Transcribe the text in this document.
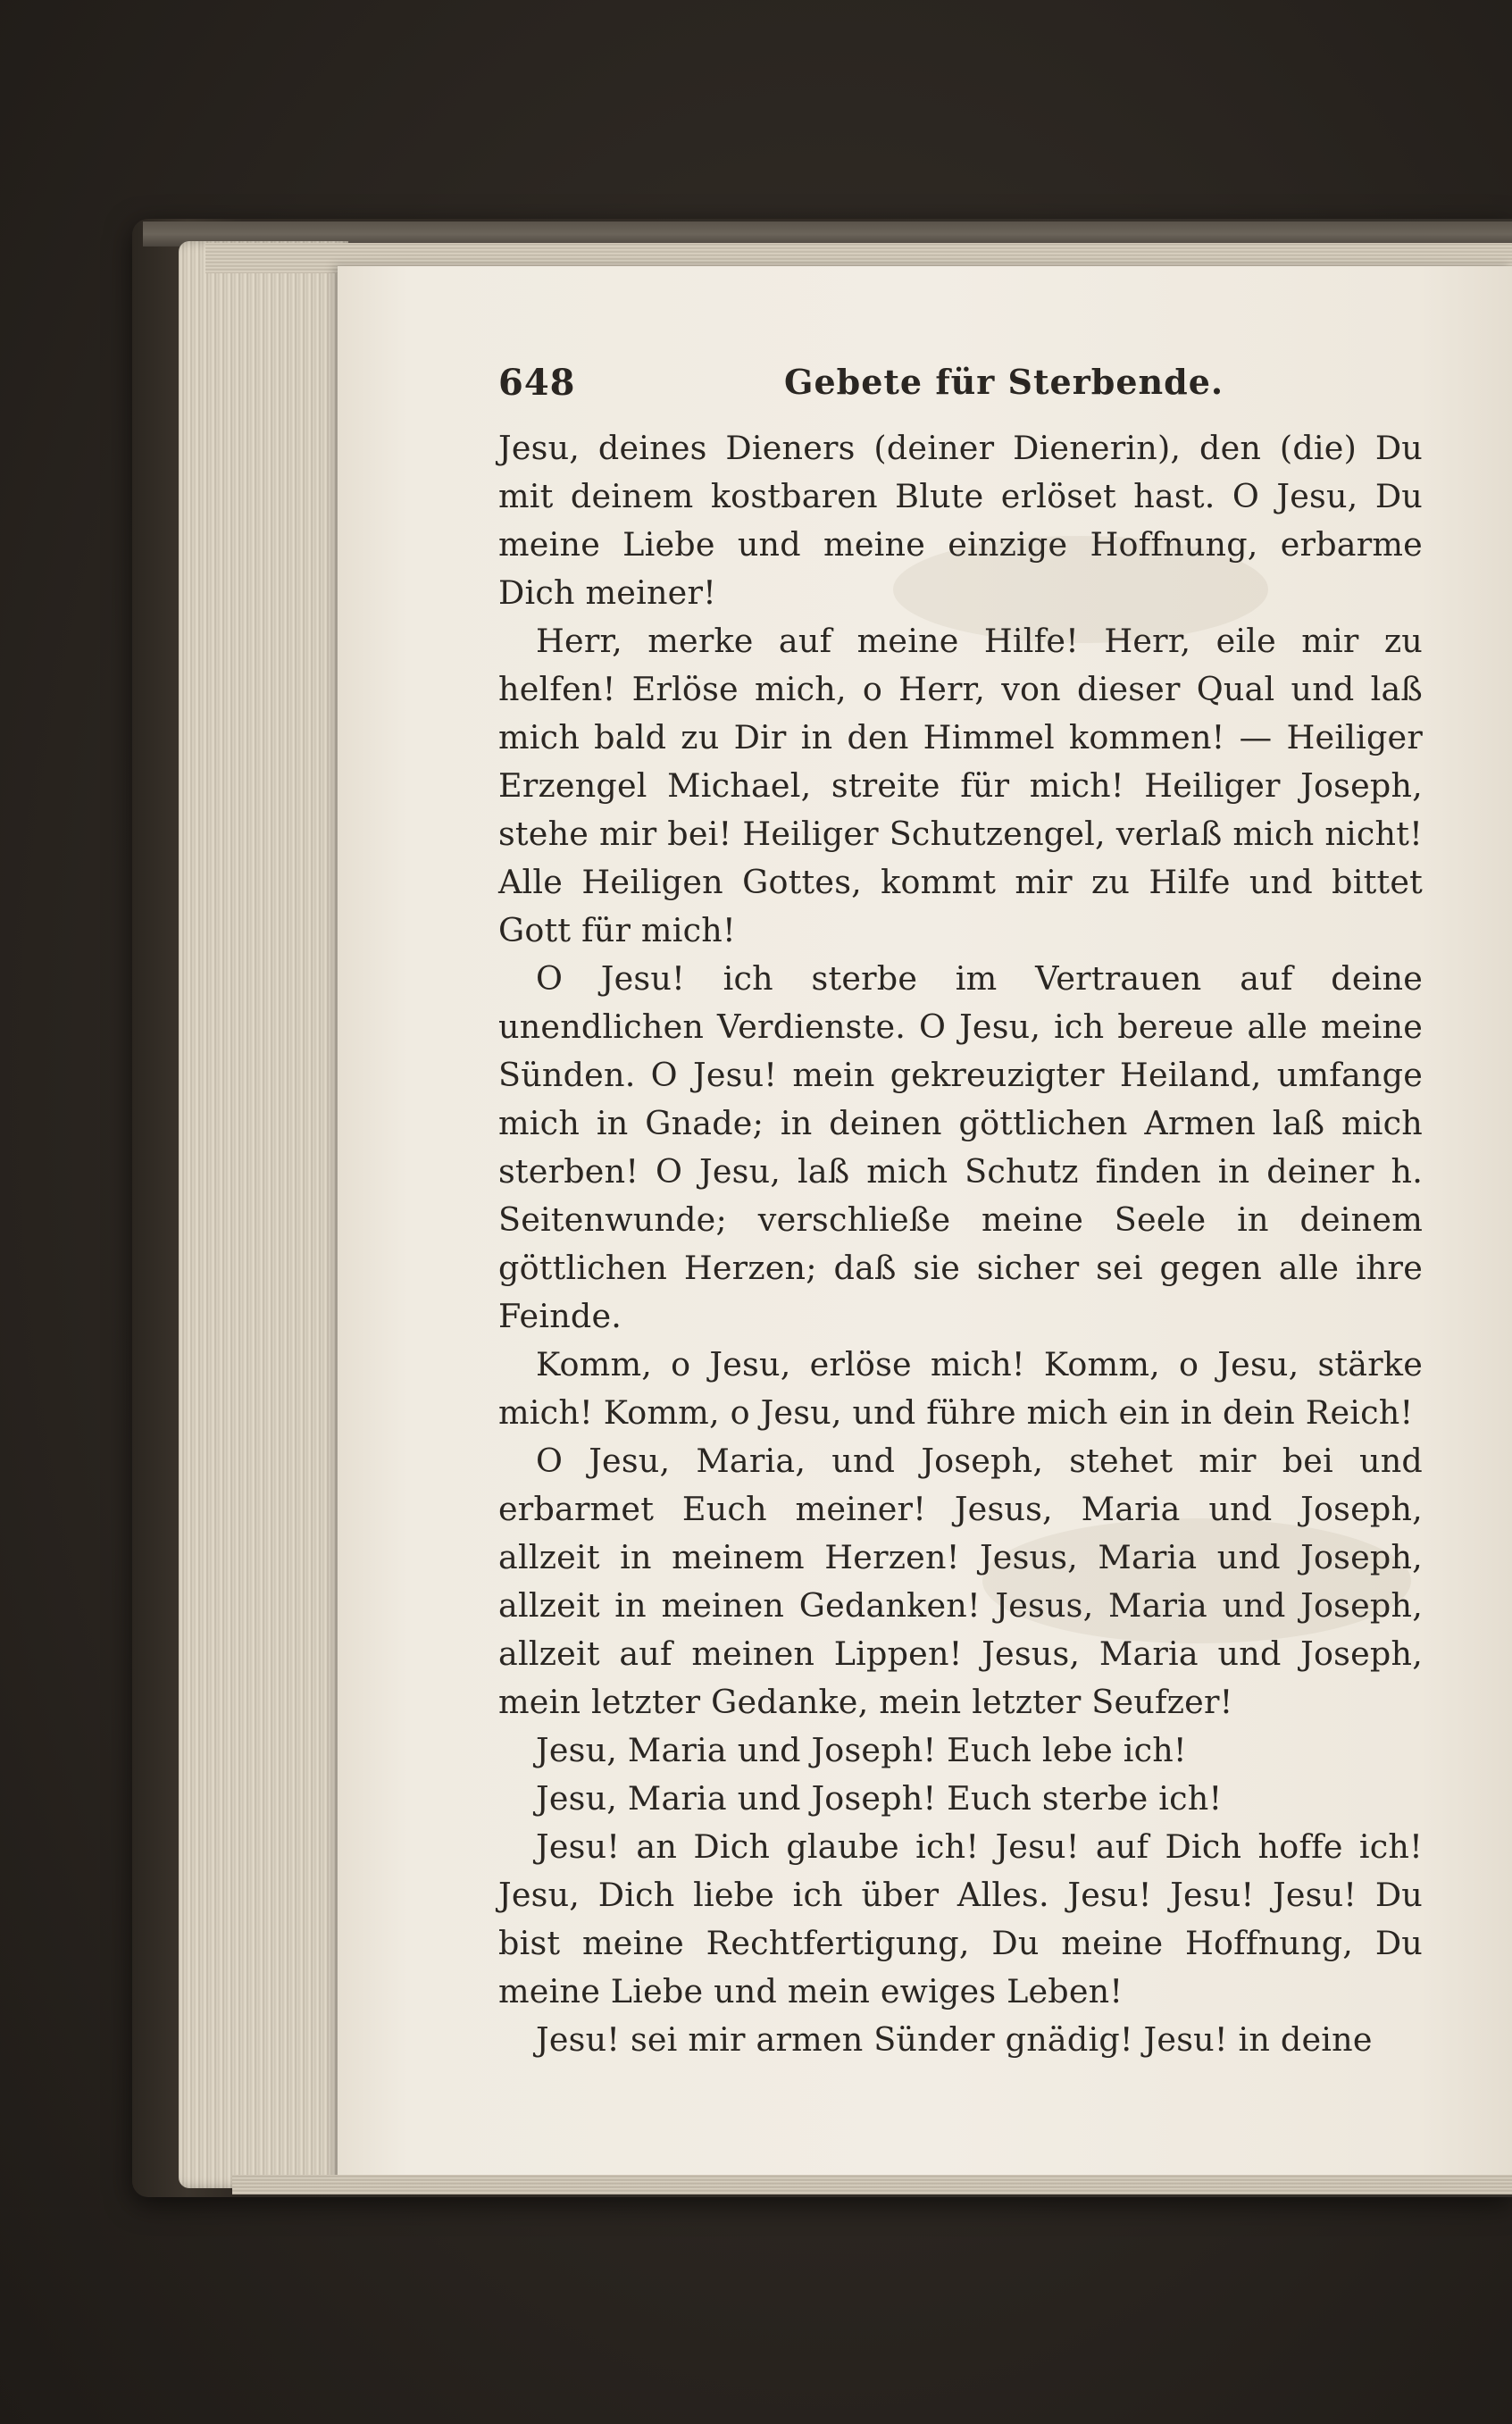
648	Gebete für Sterbende.

Jesu, deines Dieners (deiner Dienerin), den (die) Du mit deinem kostbaren Blute erlöset hast. O Jesu, Du meine Liebe und meine einzige Hoffnung, erbarme Dich meiner!

Herr, merke auf meine Hilfe! Herr, eile mir zu helfen! Erlöse mich, o Herr, von dieser Qual und laß mich bald zu Dir in den Himmel kommen! — Heiliger Erzengel Michael, streite für mich! Heiliger Joseph, stehe mir bei! Heiliger Schutzengel, verlaß mich nicht! Alle Heiligen Gottes, kommt mir zu Hilfe und bittet Gott für mich!

O Jesu! ich sterbe im Vertrauen auf deine unendlichen Verdienste. O Jesu, ich bereue alle meine Sünden. O Jesu! mein gekreuzigter Heiland, umfange mich in Gnade; in deinen göttlichen Armen laß mich sterben! O Jesu, laß mich Schutz finden in deiner h. Seitenwunde; verschließe meine Seele in deinem göttlichen Herzen; daß sie sicher sei gegen alle ihre Feinde.

Komm, o Jesu, erlöse mich! Komm, o Jesu, stärke mich! Komm, o Jesu, und führe mich ein in dein Reich!

O Jesu, Maria, und Joseph, stehet mir bei und erbarmet Euch meiner! Jesus, Maria und Joseph, allzeit in meinem Herzen! Jesus, Maria und Joseph, allzeit in meinen Gedanken! Jesus, Maria und Joseph, allzeit auf meinen Lippen! Jesus, Maria und Joseph, mein letzter Gedanke, mein letzter Seufzer!

Jesu, Maria und Joseph! Euch lebe ich!

Jesu, Maria und Joseph! Euch sterbe ich!

Jesu! an Dich glaube ich! Jesu! auf Dich hoffe ich! Jesu, Dich liebe ich über Alles. Jesu! Jesu! Jesu! Du bist meine Rechtfertigung, Du meine Hoffnung, Du meine Liebe und mein ewiges Leben!

Jesu! sei mir armen Sünder gnädig! Jesu! in deine
